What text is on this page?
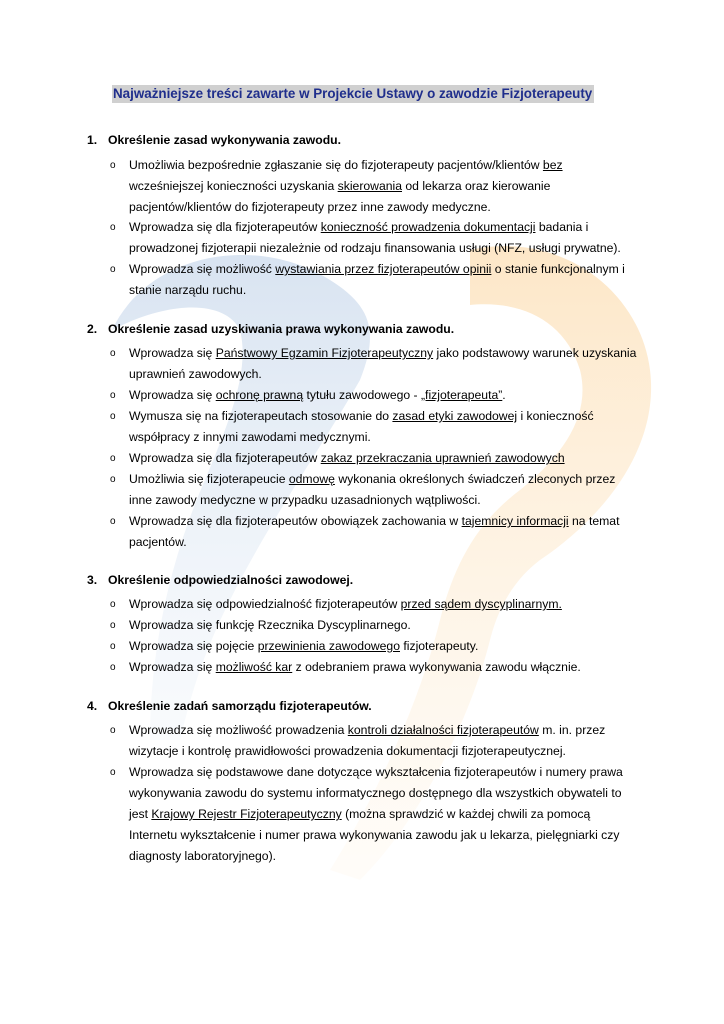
Najważniejsze treści zawarte w Projekcie Ustawy o zawodzie Fizjoterapeuty
1. Określenie zasad wykonywania zawodu.
o Umożliwia bezpośrednie zgłaszanie się do fizjoterapeuty pacjentów/klientów bez
wcześniejszej konieczności uzyskania skierowania od lekarza oraz kierowanie
pacjentów/klientów do fizjoterapeuty przez inne zawody medyczne.
o Wprowadza się dla fizjoterapeutów konieczność prowadzenia dokumentacji badania i
prowadzonej fizjoterapii niezależnie od rodzaju finansowania usługi (NFZ, usługi prywatne).
o Wprowadza się możliwość wystawiania przez fizjoterapeutów opinii o stanie funkcjonalnym i
stanie narządu ruchu.
2. Określenie zasad uzyskiwania prawa wykonywania zawodu.
o Wprowadza się Państwowy Egzamin Fizjoterapeutyczny jako podstawowy warunek uzyskania
uprawnień zawodowych.
o Wprowadza się ochronę prawną tytułu zawodowego - „fizjoterapeuta”.
o Wymusza się na fizjoterapeutach stosowanie do zasad etyki zawodowej i konieczność
współpracy z innymi zawodami medycznymi.
o Wprowadza się dla fizjoterapeutów zakaz przekraczania uprawnień zawodowych
o Umożliwia się fizjoterapeucie odmowę wykonania określonych świadczeń zleconych przez
inne zawody medyczne w przypadku uzasadnionych wątpliwości.
o Wprowadza się dla fizjoterapeutów obowiązek zachowania w tajemnicy informacji na temat
pacjentów.
3. Określenie odpowiedzialności zawodowej.
o Wprowadza się odpowiedzialność fizjoterapeutów przed sądem dyscyplinarnym.
o Wprowadza się funkcję Rzecznika Dyscyplinarnego.
o Wprowadza się pojęcie przewinienia zawodowego fizjoterapeuty.
o Wprowadza się możliwość kar z odebraniem prawa wykonywania zawodu włącznie.
4. Określenie zadań samorządu fizjoterapeutów.
o Wprowadza się możliwość prowadzenia kontroli działalności fizjoterapeutów m. in. przez
wizytacje i kontrolę prawidłowości prowadzenia dokumentacji fizjoterapeutycznej.
o Wprowadza się podstawowe dane dotyczące wykształcenia fizjoterapeutów i numery prawa
wykonywania zawodu do systemu informatycznego dostępnego dla wszystkich obywateli to
jest Krajowy Rejestr Fizjoterapeutyczny (można sprawdzić w każdej chwili za pomocą
Internetu wykształcenie i numer prawa wykonywania zawodu jak u lekarza, pielęgniarki czy
diagnosty laboratoryjnego).
